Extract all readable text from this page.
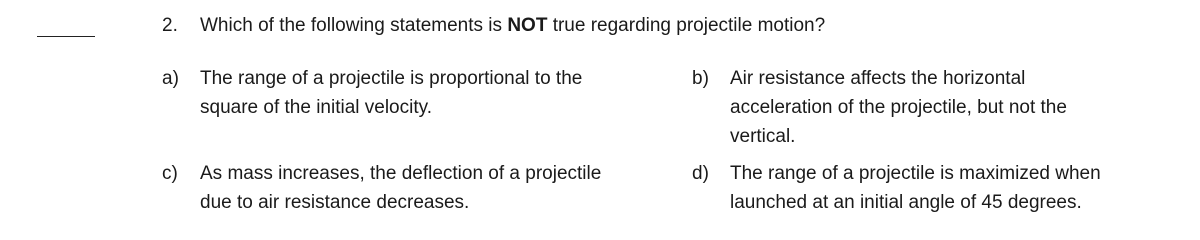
2. Which of the following statements is NOT true regarding projectile motion?
a)	The range of a projectile is proportional to the square of the initial velocity.
b)	Air resistance affects the horizontal acceleration of the projectile, but not the vertical.
c)	As mass increases, the deflection of a projectile due to air resistance decreases.
d)	The range of a projectile is maximized when launched at an initial angle of 45 degrees.
